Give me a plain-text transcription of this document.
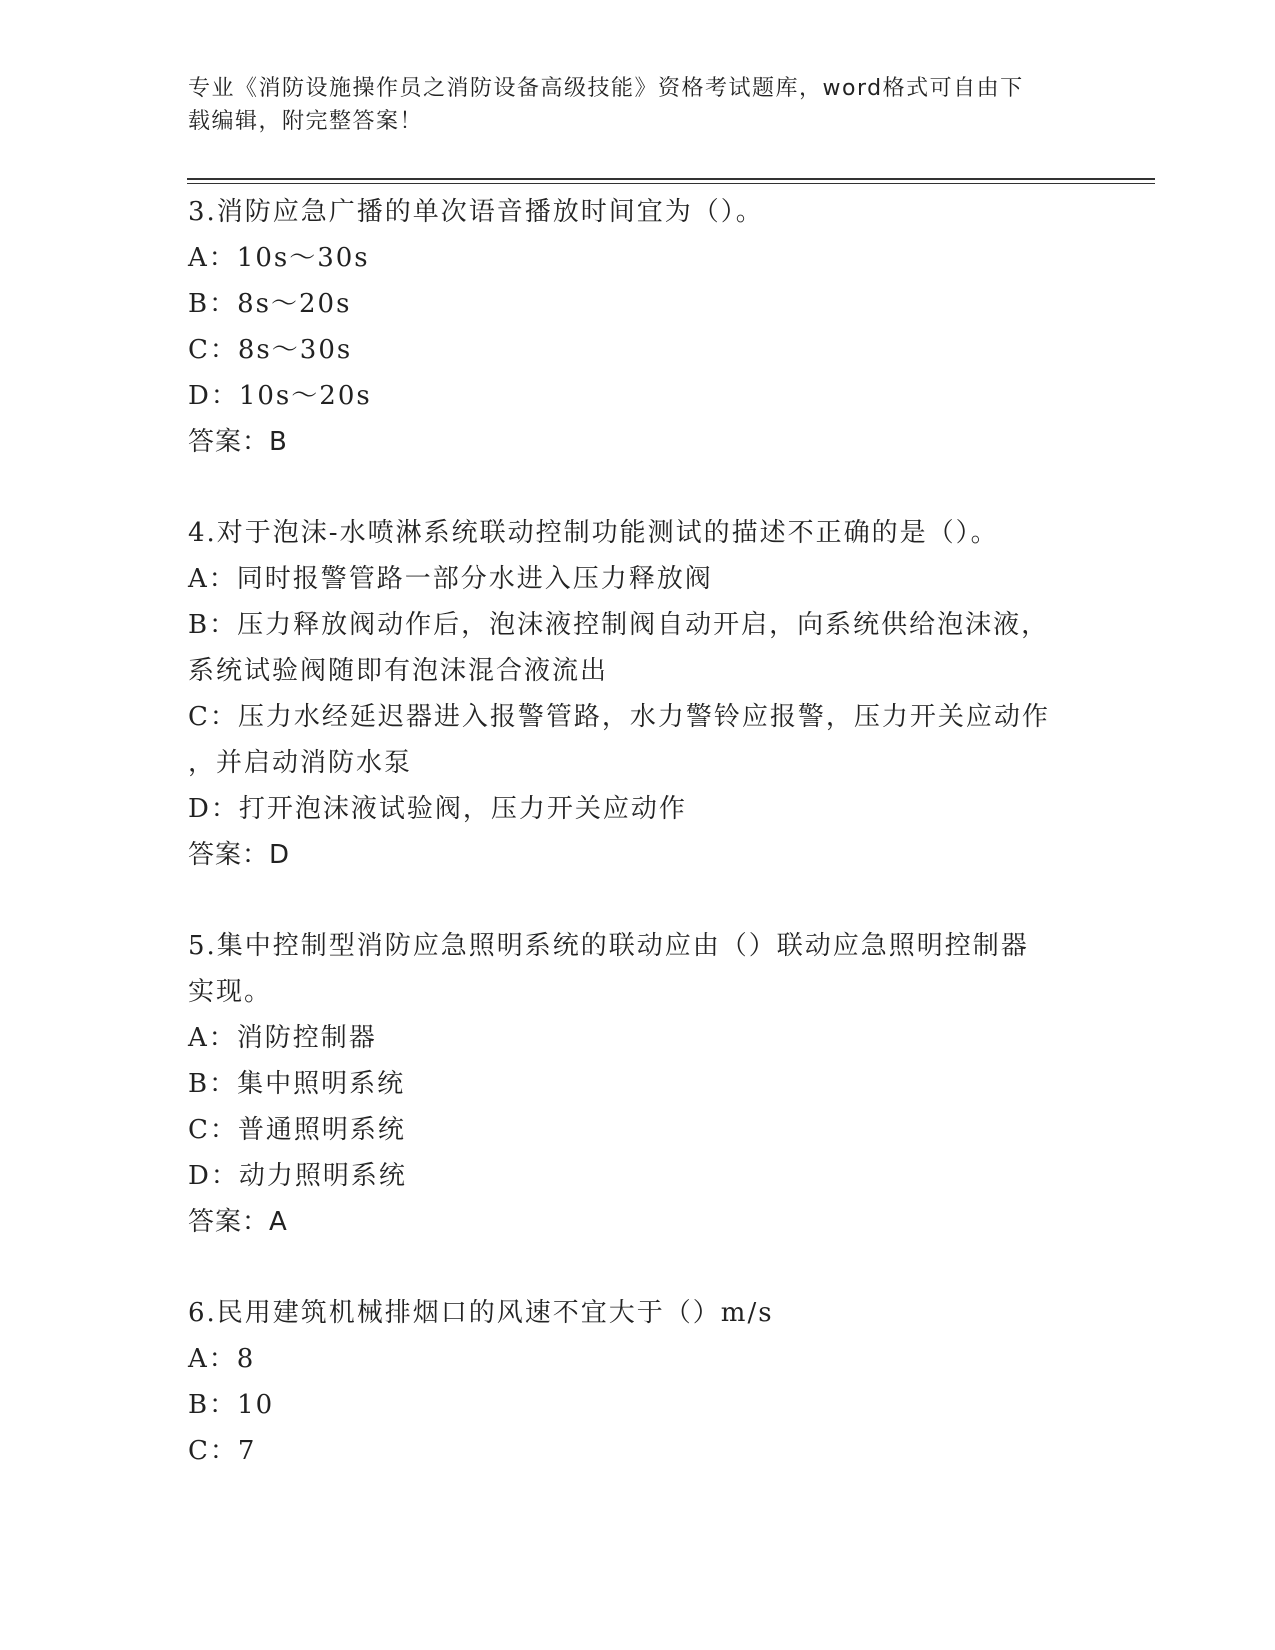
专业《消防设施操作员之消防设备高级技能》资格考试题库，word格式可自由下
载编辑，附完整答案！
3.消防应急广播的单次语音播放时间宜为（）。
A：10s～30s
B：8s～20s
C：8s～30s
D：10s～20s
答案：B
4.对于泡沫-水喷淋系统联动控制功能测试的描述不正确的是（）。
A：同时报警管路一部分水进入压力释放阀
B：压力释放阀动作后，泡沫液控制阀自动开启，向系统供给泡沫液，
系统试验阀随即有泡沫混合液流出
C：压力水经延迟器进入报警管路，水力警铃应报警，压力开关应动作
，并启动消防水泵
D：打开泡沫液试验阀，压力开关应动作
答案：D
5.集中控制型消防应急照明系统的联动应由（）联动应急照明控制器
实现。
A：消防控制器
B：集中照明系统
C：普通照明系统
D：动力照明系统
答案：A
6.民用建筑机械排烟口的风速不宜大于（）m/s
A：8
B：10
C：7
